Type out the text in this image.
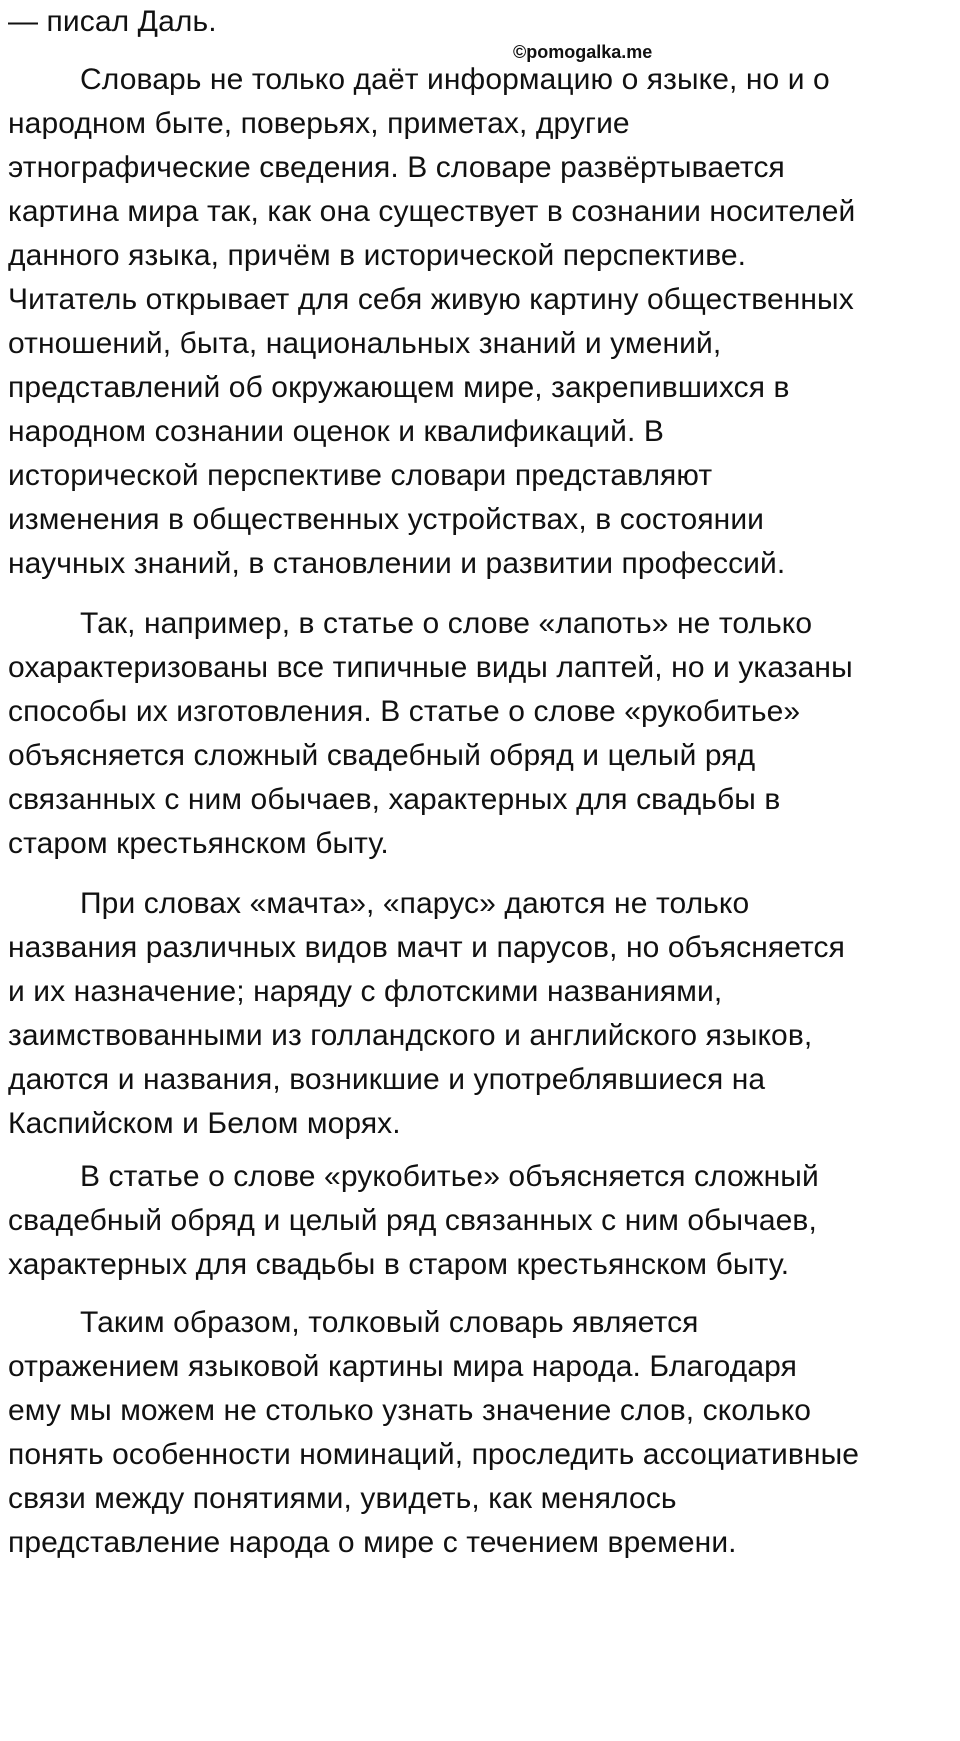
— писал Даль.
©pomogalka.me
Словарь не только даёт информацию о языке, но и о
народном быте, поверьях, приметах, другие
этнографические сведения. В словаре развёртывается
картина мира так, как она существует в сознании носителей
данного языка, причём в исторической перспективе.
Читатель открывает для себя живую картину общественных
отношений, быта, национальных знаний и умений,
представлений об окружающем мире, закрепившихся в
народном сознании оценок и квалификаций. В
исторической перспективе словари представляют
изменения в общественных устройствах, в состоянии
научных знаний, в становлении и развитии профессий.
Так, например, в статье о слове «лапоть» не только
охарактеризованы все типичные виды лаптей, но и указаны
способы их изготовления. В статье о слове «рукобитье»
объясняется сложный свадебный обряд и целый ряд
связанных с ним обычаев, характерных для свадьбы в
старом крестьянском быту.
При словах «мачта», «парус» даются не только
названия различных видов мачт и парусов, но объясняется
и их назначение; наряду с флотскими названиями,
заимствованными из голландского и английского языков,
даются и названия, возникшие и употреблявшиеся на
Каспийском и Белом морях.
В статье о слове «рукобитье» объясняется сложный
свадебный обряд и целый ряд связанных с ним обычаев,
характерных для свадьбы в старом крестьянском быту.
Таким образом, толковый словарь является
отражением языковой картины мира народа. Благодаря
ему мы можем не столько узнать значение слов, сколько
понять особенности номинаций, проследить ассоциативные
связи между понятиями, увидеть, как менялось
представление народа о мире с течением времени.
